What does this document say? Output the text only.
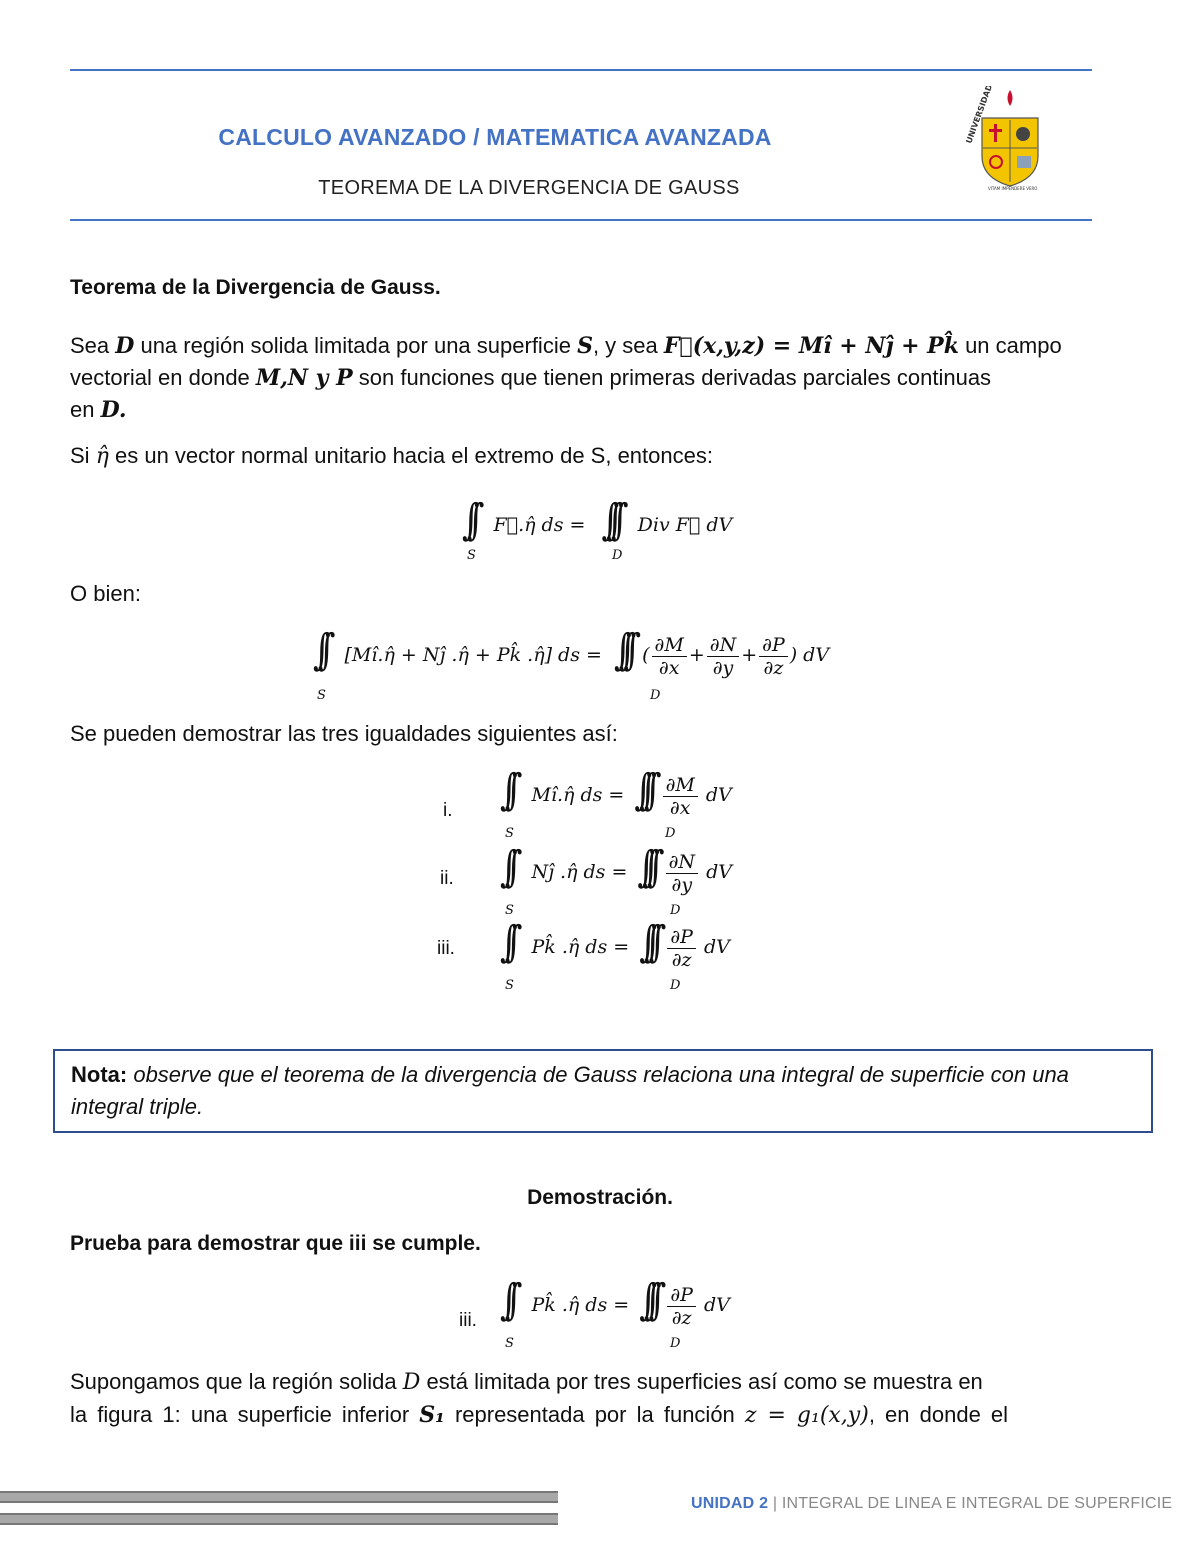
CALCULO AVANZADO / MATEMATICA AVANZADA
TEOREMA DE LA DIVERGENCIA DE GAUSS	VITAM IMPENDERE VERO
Teorema de la Divergencia de Gauss.
Sea D una región solida limitada por una superficie S, y sea F⃗(x,y,z) = Mî + Nĵ + Pk̂ un campo
vectorial en donde M,N y P son funciones que tienen primeras derivadas parciales continuas
en D.
Si η̂ es un vector normal unitario hacia el extremo de S, entonces:
∫∫ F⃗.η̂ ds = ∫∫∫ Div F⃗ dV
S	D
O bien:
∫∫ [Mî.η̂ + Nĵ .η̂ + Pk̂ .η̂] ds = ∫∫∫ ( $\frac{\partial M}{\partial x} + \frac{\partial N}{\partial y} + \frac{\partial P}{\partial z}$ ) dV
S	D
Se pueden demostrar las tres igualdades siguientes así:
i. ∫∫ Mî.η̂ ds = ∫∫∫ $\frac{\partial M}{\partial x}$ dV
S	D
ii. ∫∫ Nĵ .η̂ ds = ∫∫∫ $\frac{\partial N}{\partial y}$ dV
S	D
iii. ∫∫ Pk̂ .η̂ ds = ∫∫∫ $\frac{\partial P}{\partial z}$ dV
S	D
Nota: observe que el teorema de la divergencia de Gauss relaciona una integral de superficie con una integral triple.
Demostración.
Prueba para demostrar que iii se cumple.
iii. ∫∫ Pk̂ .η̂ ds = ∫∫∫ $\frac{\partial P}{\partial z}$ dV
S	D
Supongamos que la región solida D está limitada por tres superficies así como se muestra en
la figura 1: una superficie inferior S₁ representada por la función z = g₁(x,y), en donde el
UNIDAD 2 | INTEGRAL DE LINEA E INTEGRAL DE SUPERFICIE
